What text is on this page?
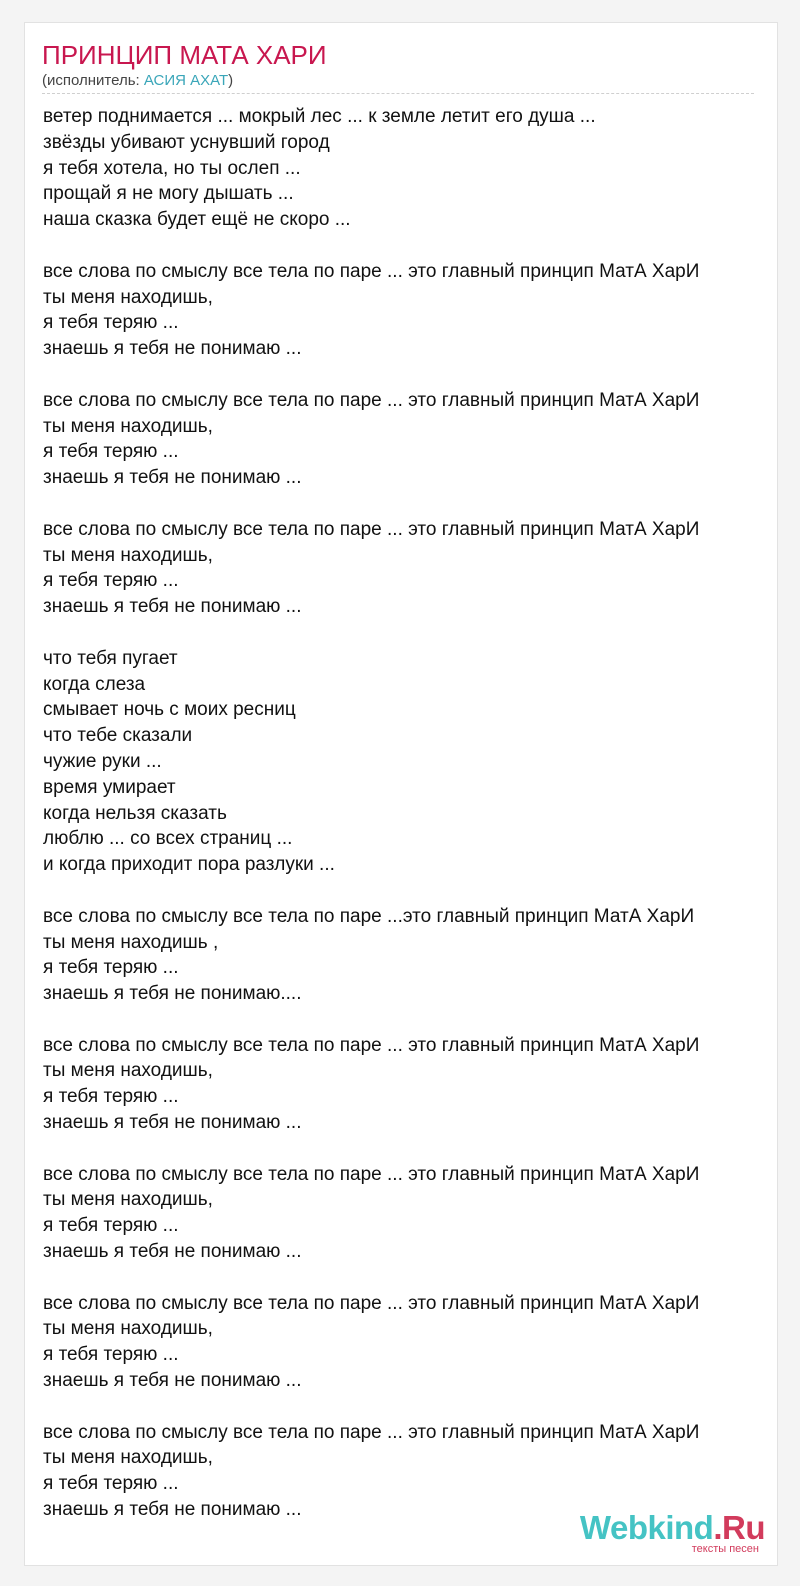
ПРИНЦИП МАТА ХАРИ
(исполнитель: АСИЯ АХАТ)
ветер поднимается ... мокрый лес ... к земле летит его душа ...
звёзды убивают уснувший город
я тебя хотела, но ты ослеп ...
прощай я не могу дышать ...
наша сказка будет ещё не скоро ...

все слова по смыслу все тела по паре ... это главный принцип МатА ХарИ
ты меня находишь,
я тебя теряю ...
знаешь я тебя не понимаю ...

все слова по смыслу все тела по паре ... это главный принцип МатА ХарИ
ты меня находишь,
я тебя теряю ...
знаешь я тебя не понимаю ...

все слова по смыслу все тела по паре ... это главный принцип МатА ХарИ
ты меня находишь,
я тебя теряю ...
знаешь я тебя не понимаю ...

что тебя пугает
когда слеза
смывает ночь с моих ресниц
что тебе сказали
чужие руки ...
время умирает
когда нельзя сказать
люблю ... со всех страниц ...
и когда приходит пора разлуки ...

все слова по смыслу все тела по паре ...это главный принцип МатА ХарИ
ты меня находишь ,
я тебя теряю ...
знаешь я тебя не понимаю....

все слова по смыслу все тела по паре ... это главный принцип МатА ХарИ
ты меня находишь,
я тебя теряю ...
знаешь я тебя не понимаю ...

все слова по смыслу все тела по паре ... это главный принцип МатА ХарИ
ты меня находишь,
я тебя теряю ...
знаешь я тебя не понимаю ...

все слова по смыслу все тела по паре ... это главный принцип МатА ХарИ
ты меня находишь,
я тебя теряю ...
знаешь я тебя не понимаю ...

все слова по смыслу все тела по паре ... это главный принцип МатА ХарИ
ты меня находишь,
я тебя теряю ...
знаешь я тебя не понимаю ...	Webkind.Ru
тексты песен
